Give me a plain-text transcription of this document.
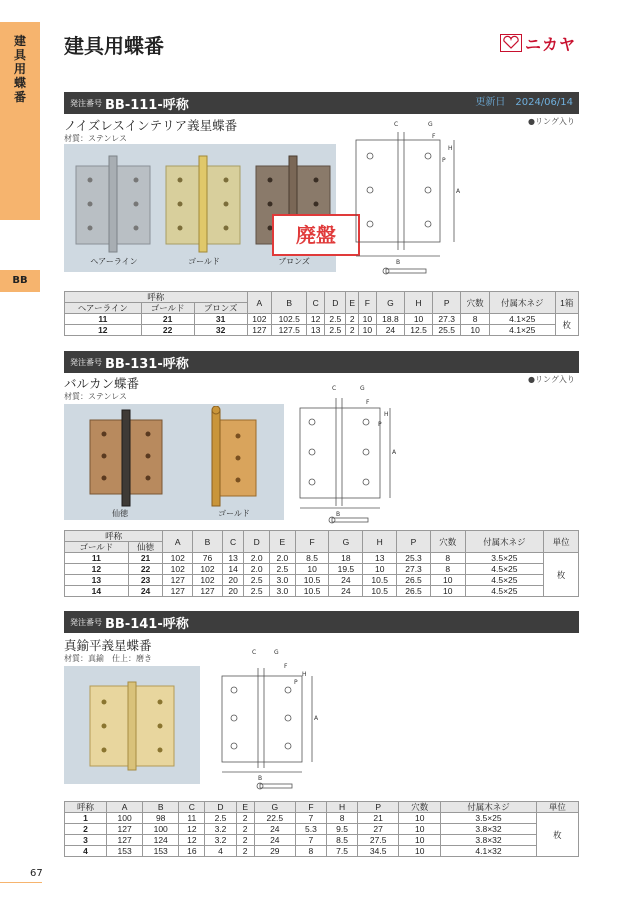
建具用蝶番
BB
建具用蝶番	ニカヤ
発注番号 BB-111-呼称	更新日　2024/06/14
ノイズレスインテリア義星蝶番
材質：ステンレス
●リング入り
ヘアーライン	ゴールド	ブロンズ
廃盤
A
B
C	G
F
P
H
呼称			A	B	C	D	E	F	G	H	P	穴数	付属木ネジ	1箱
ヘアーライン	ゴールド	ブロンズ												
11	21	31	102	102.5	12	2.5	2	10	18.8	10	27.3	8	4.1×25	枚
12	22	32	127	127.5	13	2.5	2	10	24	12.5	25.5	10	4.1×25	
発注番号 BB-131-呼称
バルカン蝶番
材質：ステンレス
●リング入り
仙徳	ゴールド
A
B
C	G
F
P
H
呼称		A	B	C	D	E	F	G	H	P	穴数	付属木ネジ	単位
ゴールド	仙徳												
11	21	102	76	13	2.0	2.0	8.5	18	13	25.3	8	3.5×25	枚
12	22	102	102	14	2.0	2.5	10	19.5	10	27.3	8	4.5×25	
13	23	127	102	20	2.5	3.0	10.5	24	10.5	26.5	10	4.5×25	
14	24	127	127	20	2.5	3.0	10.5	24	10.5	26.5	10	4.5×25	
発注番号 BB-141-呼称
真鍮平義星蝶番
材質：真鍮　仕上：磨き
A
B
C	G
F
P
H
呼称	A	B	C	D	E	G	F	H	P	穴数	付属木ネジ	単位
1	100	98	11	2.5	2	22.5	7	8	21	10	3.5×25	枚
2	127	100	12	3.2	2	24	5.3	9.5	27	10	3.8×32	
3	127	124	12	3.2	2	24	7	8.5	27.5	10	3.8×32	
4	153	153	16	4	2	29	8	7.5	34.5	10	4.1×32	
67
